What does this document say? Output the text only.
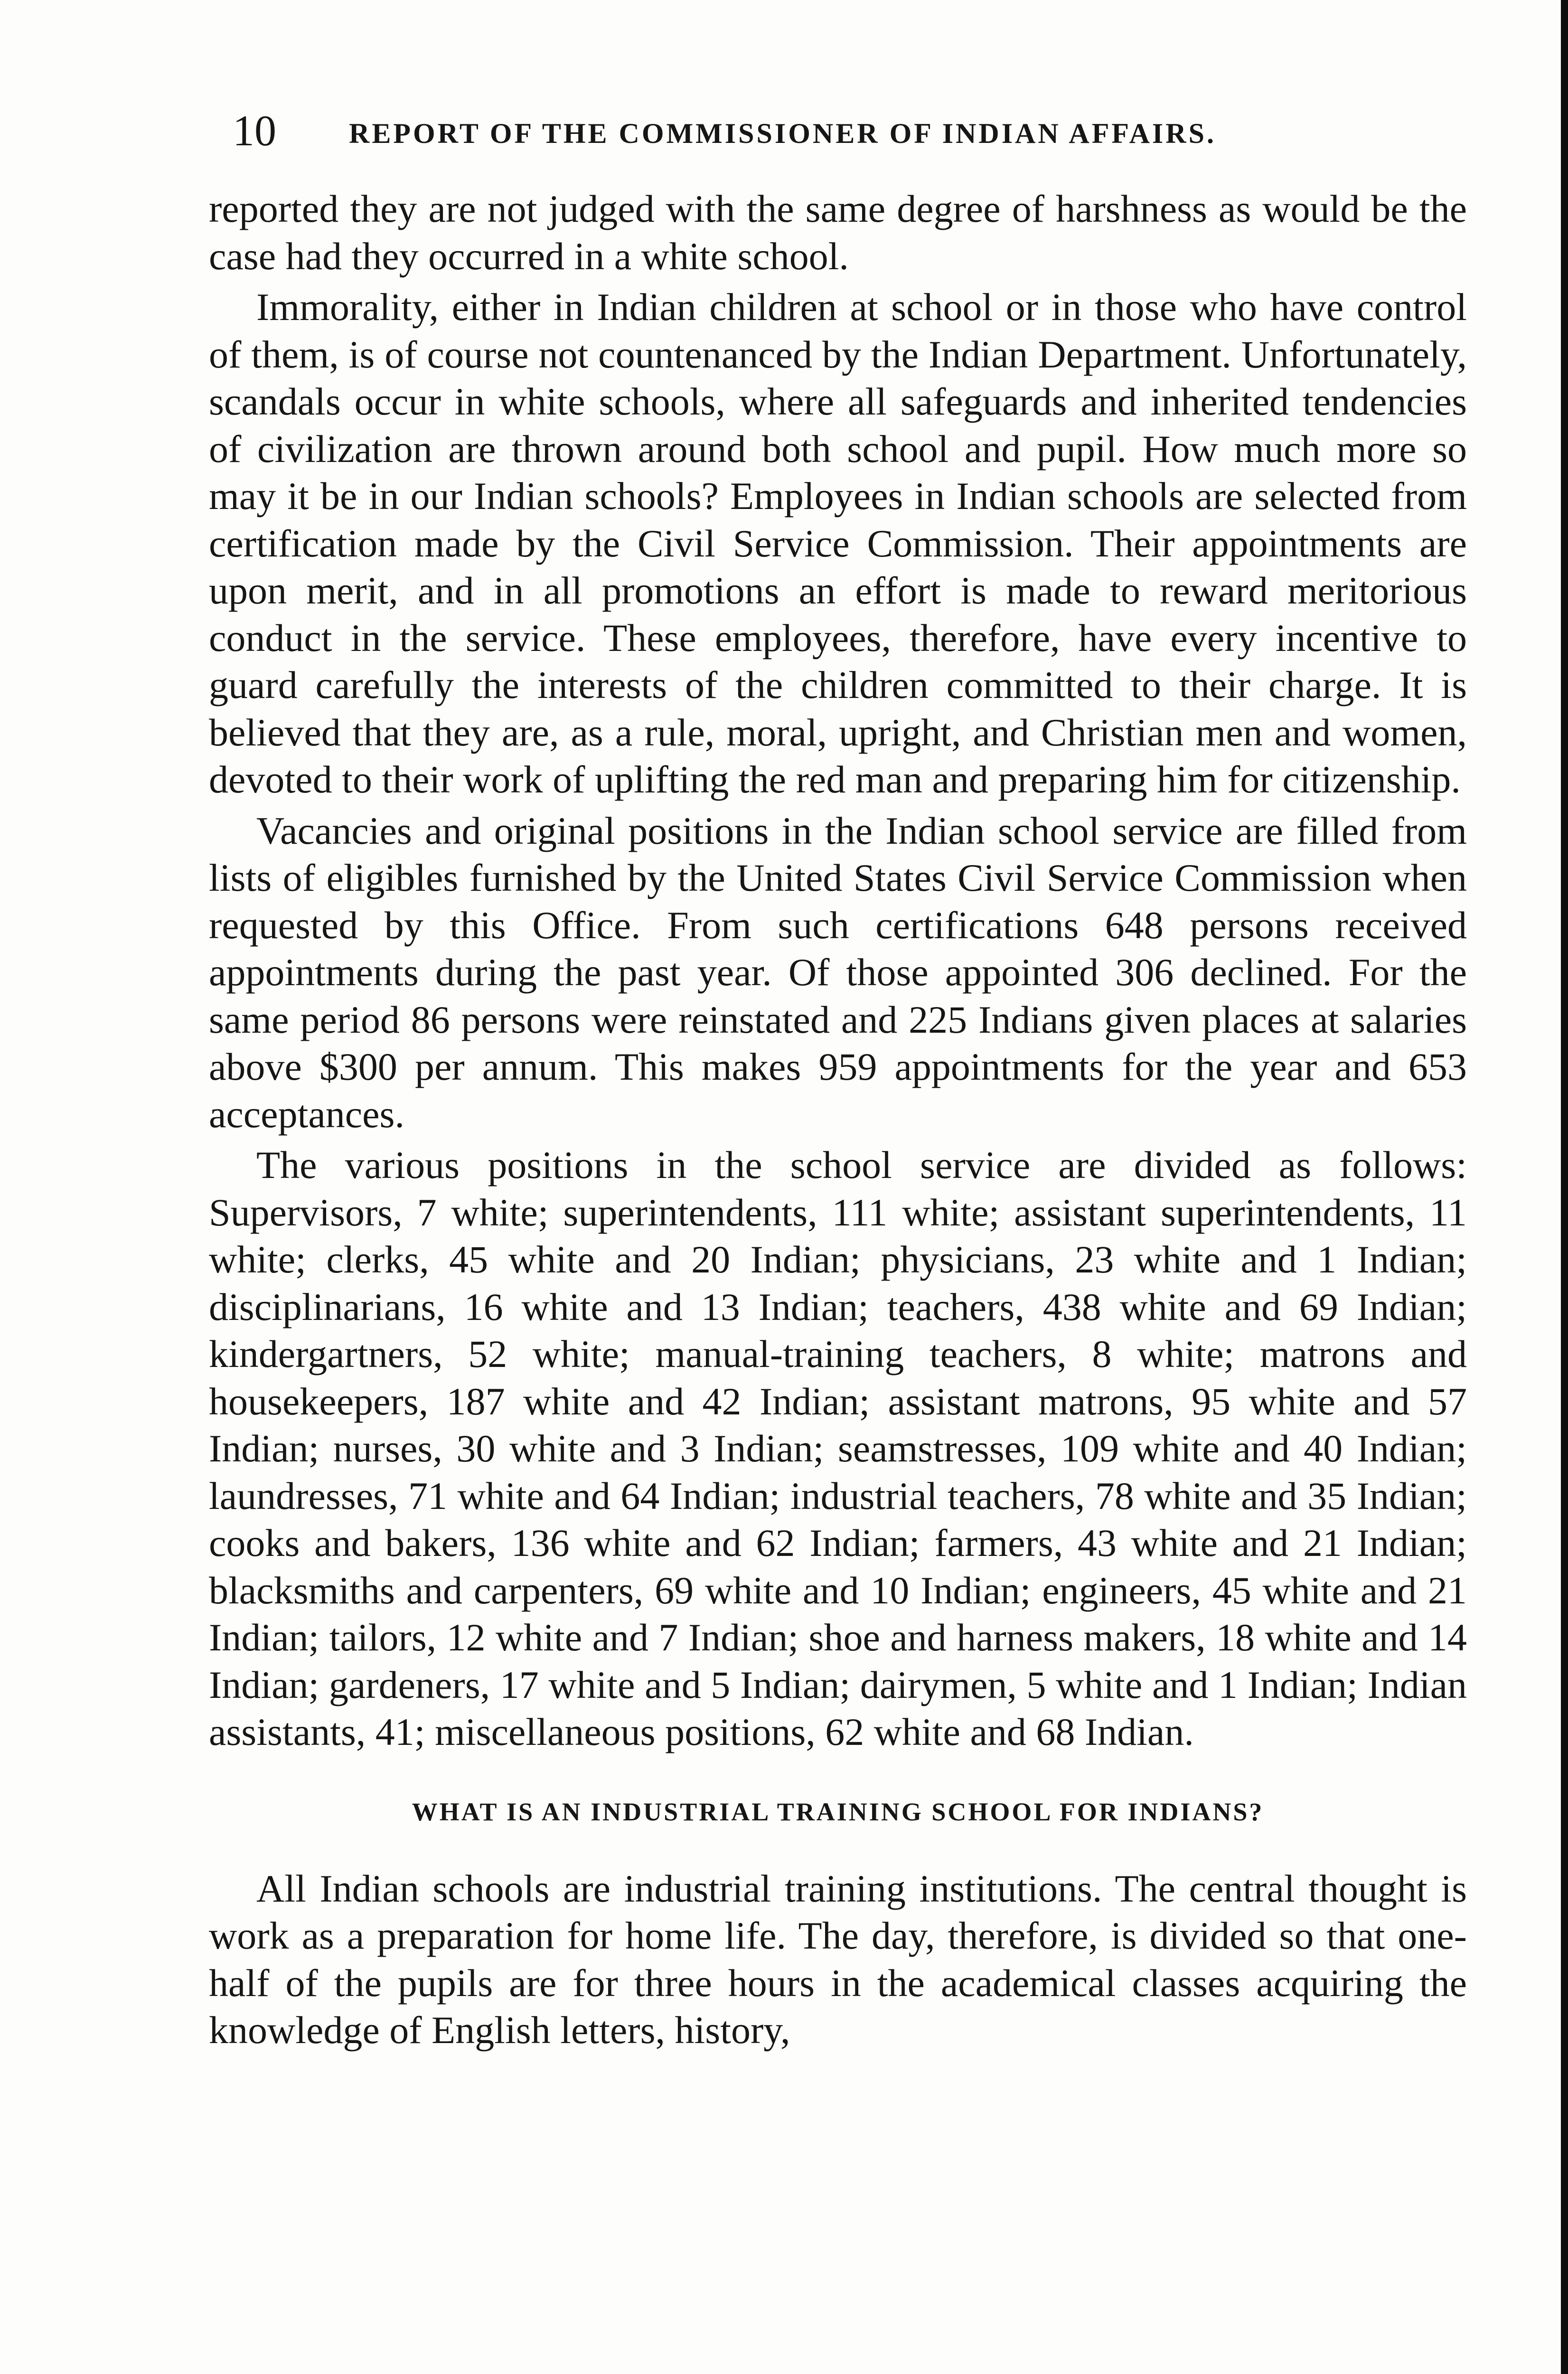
10	REPORT OF THE COMMISSIONER OF INDIAN AFFAIRS.

reported they are not judged with the same degree of harshness as would be the case had they occurred in a white school.

Immorality, either in Indian children at school or in those who have control of them, is of course not countenanced by the Indian Department. Unfortunately, scandals occur in white schools, where all safeguards and inherited tendencies of civilization are thrown around both school and pupil. How much more so may it be in our Indian schools? Employees in Indian schools are selected from certification made by the Civil Service Commission. Their appointments are upon merit, and in all promotions an effort is made to reward meritorious conduct in the service. These employees, therefore, have every incentive to guard carefully the interests of the children committed to their charge. It is believed that they are, as a rule, moral, upright, and Christian men and women, devoted to their work of uplifting the red man and preparing him for citizenship.

Vacancies and original positions in the Indian school service are filled from lists of eligibles furnished by the United States Civil Service Commission when requested by this Office. From such certifications 648 persons received appointments during the past year. Of those appointed 306 declined. For the same period 86 persons were reinstated and 225 Indians given places at salaries above $300 per annum. This makes 959 appointments for the year and 653 acceptances.

The various positions in the school service are divided as follows: Supervisors, 7 white; superintendents, 111 white; assistant superintendents, 11 white; clerks, 45 white and 20 Indian; physicians, 23 white and 1 Indian; disciplinarians, 16 white and 13 Indian; teachers, 438 white and 69 Indian; kindergartners, 52 white; manual-training teachers, 8 white; matrons and housekeepers, 187 white and 42 Indian; assistant matrons, 95 white and 57 Indian; nurses, 30 white and 3 Indian; seamstresses, 109 white and 40 Indian; laundresses, 71 white and 64 Indian; industrial teachers, 78 white and 35 Indian; cooks and bakers, 136 white and 62 Indian; farmers, 43 white and 21 Indian; blacksmiths and carpenters, 69 white and 10 Indian; engineers, 45 white and 21 Indian; tailors, 12 white and 7 Indian; shoe and harness makers, 18 white and 14 Indian; gardeners, 17 white and 5 Indian; dairymen, 5 white and 1 Indian; Indian assistants, 41; miscellaneous positions, 62 white and 68 Indian.

WHAT IS AN INDUSTRIAL TRAINING SCHOOL FOR INDIANS?

All Indian schools are industrial training institutions. The central thought is work as a preparation for home life. The day, therefore, is divided so that one-half of the pupils are for three hours in the academical classes acquiring the knowledge of English letters, history,
